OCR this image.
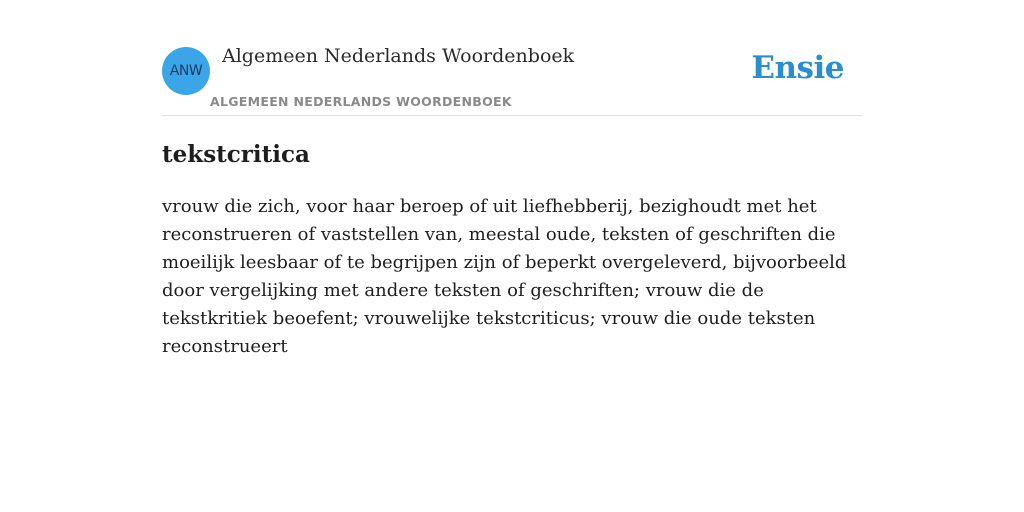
ANW
Algemeen Nederlands Woordenboek
ALGEMEEN NEDERLANDS WOORDENBOEK
Ensie
tekstcritica

vrouw die zich, voor haar beroep of uit liefhebberij, bezighoudt met het reconstrueren of vaststellen van, meestal oude, teksten of geschriften die moeilijk leesbaar of te begrijpen zijn of beperkt overgeleverd, bijvoorbeeld door vergelijking met andere teksten of geschriften; vrouw die de tekstkritiek beoefent; vrouwelijke tekstcriticus; vrouw die oude teksten reconstrueert
